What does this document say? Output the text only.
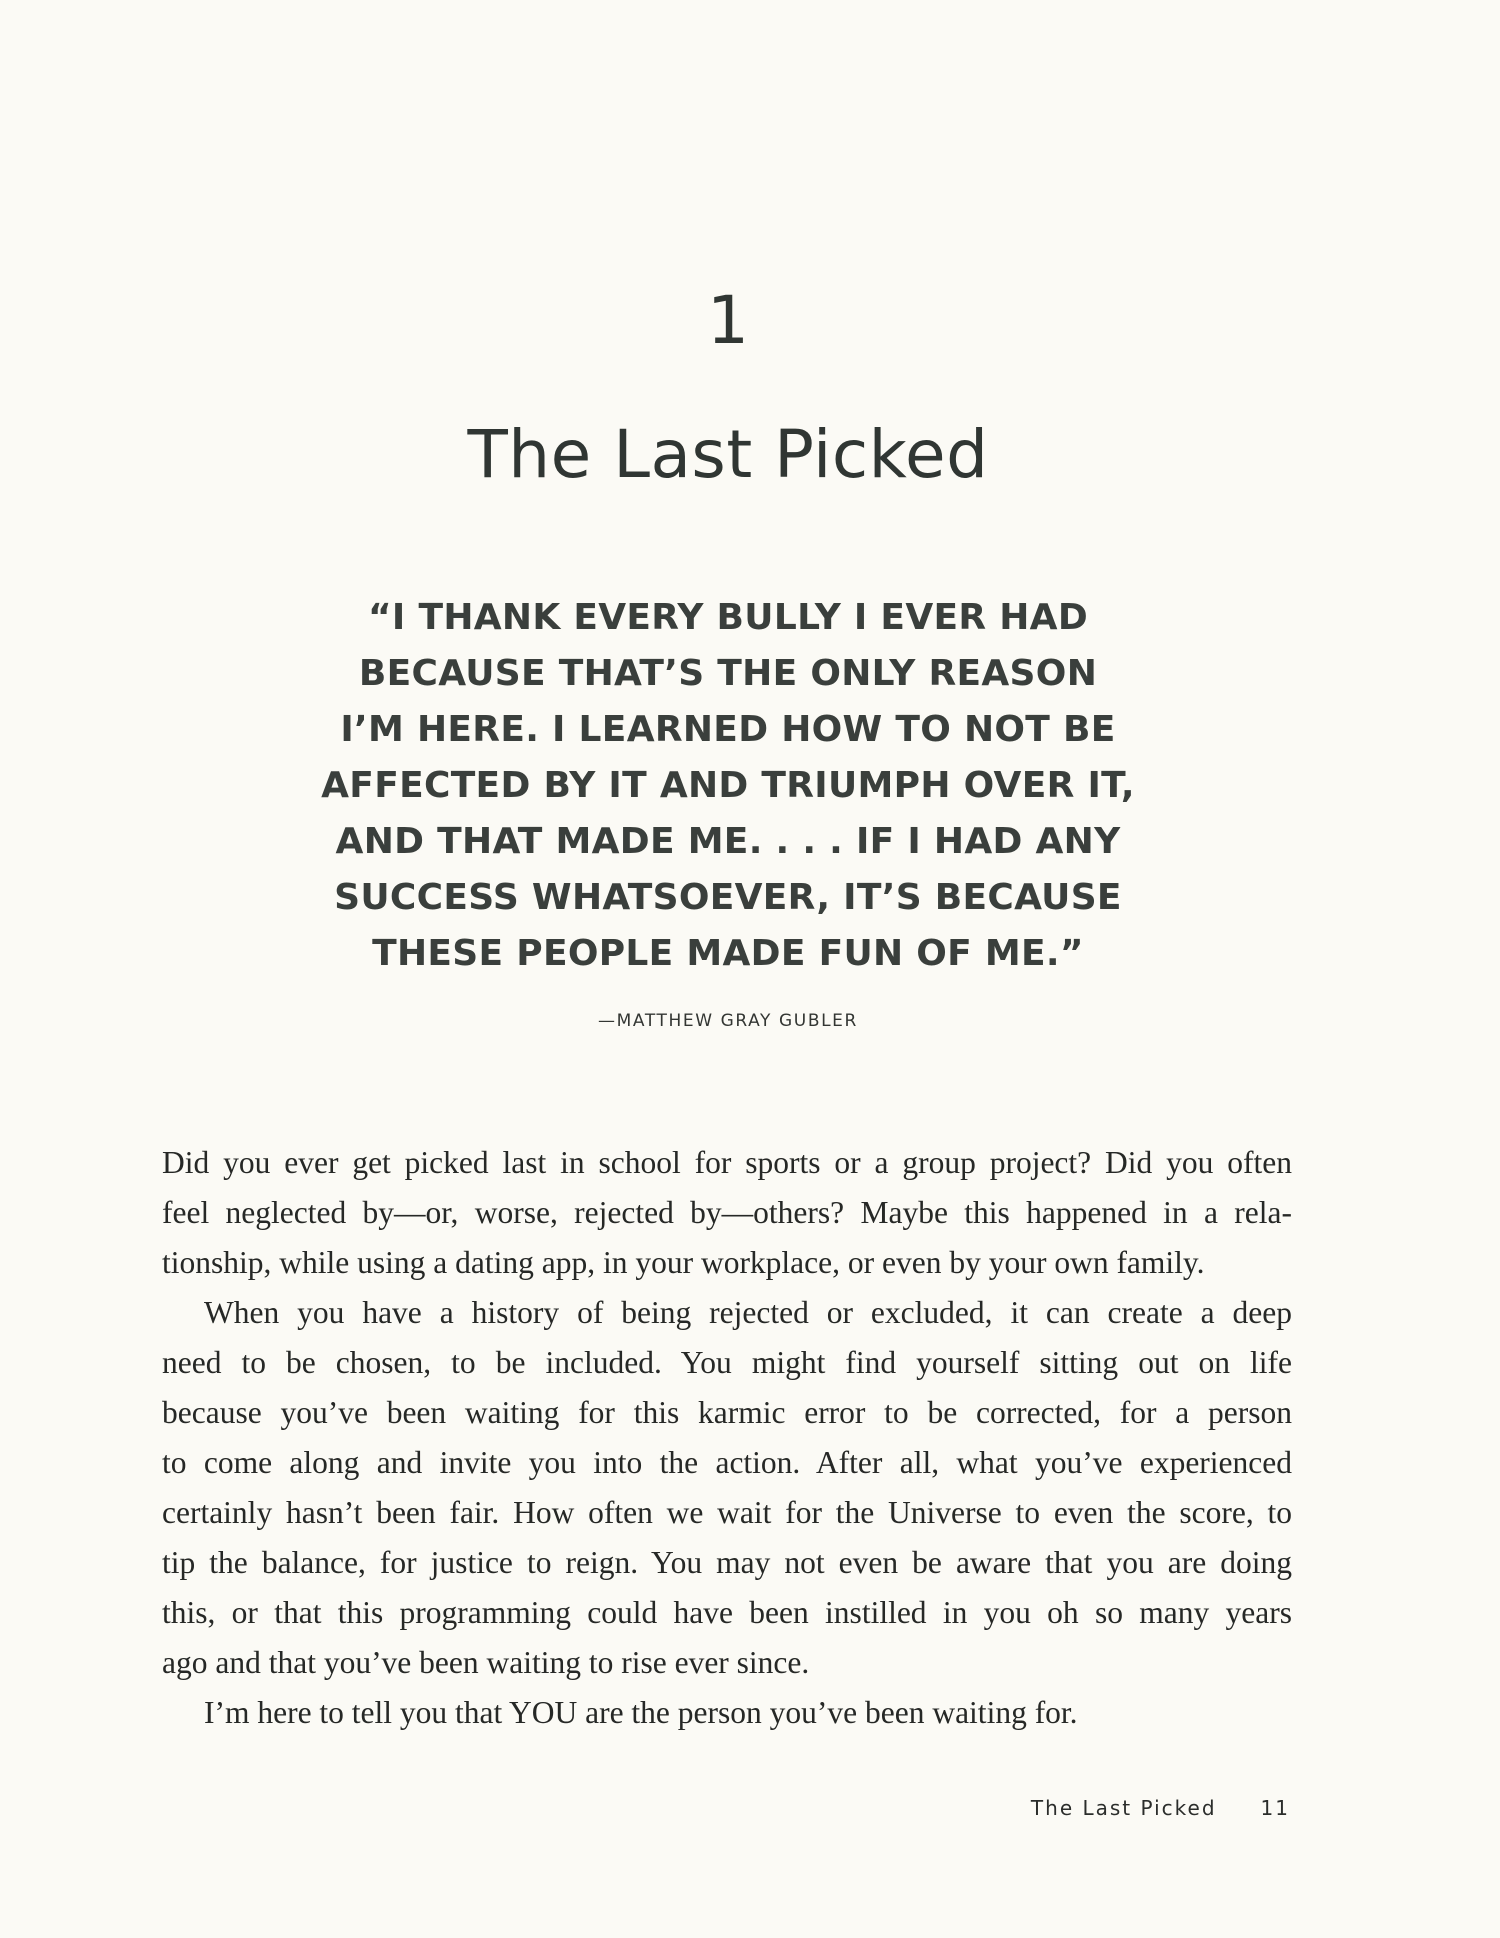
1
The Last Picked
“I THANK EVERY BULLY I EVER HAD
BECAUSE THAT’S THE ONLY REASON
I’M HERE. I LEARNED HOW TO NOT BE
AFFECTED BY IT AND TRIUMPH OVER IT,
AND THAT MADE ME. . . . IF I HAD ANY
SUCCESS WHATSOEVER, IT’S BECAUSE
THESE PEOPLE MADE FUN OF ME.”
—MATTHEW GRAY GUBLER
Did you ever get picked last in school for sports or a group project? Did you often
feel neglected by—or, worse, rejected by—others? Maybe this happened in a rela-
tionship, while using a dating app, in your workplace, or even by your own family.
When you have a history of being rejected or excluded, it can create a deep
need to be chosen, to be included. You might find yourself sitting out on life
because you’ve been waiting for this karmic error to be corrected, for a person
to come along and invite you into the action. After all, what you’ve experienced
certainly hasn’t been fair. How often we wait for the Universe to even the score, to
tip the balance, for justice to reign. You may not even be aware that you are doing
this, or that this programming could have been instilled in you oh so many years
ago and that you’ve been waiting to rise ever since.
I’m here to tell you that YOU are the person you’ve been waiting for.
The Last Picked 11
